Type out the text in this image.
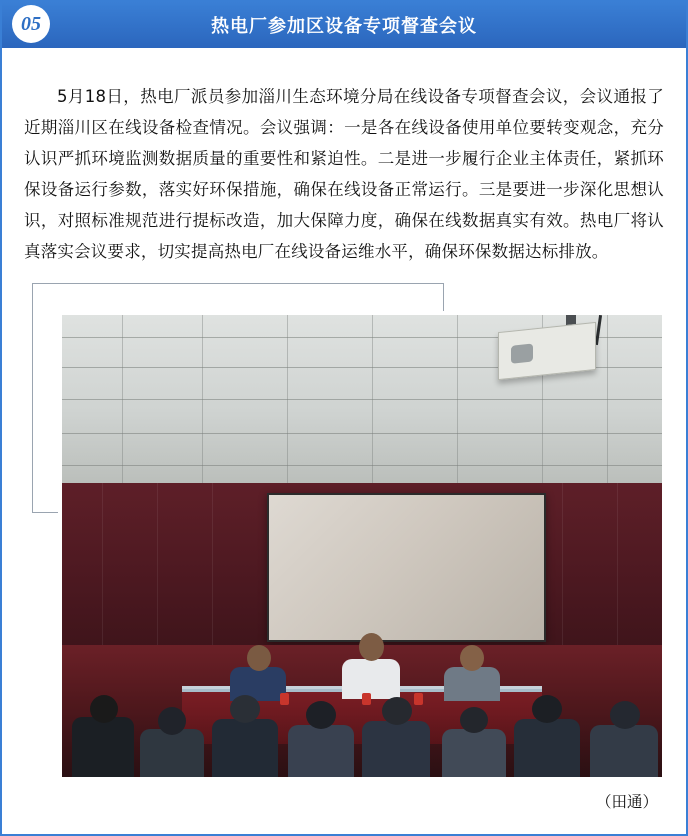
05	热电厂参加区设备专项督查会议

5月18日，热电厂派员参加淄川生态环境分局在线设备专项督查会议，会议通报了近期淄川区在线设备检查情况。会议强调：一是各在线设备使用单位要转变观念，充分认识严抓环境监测数据质量的重要性和紧迫性。二是进一步履行企业主体责任，紧抓环保设备运行参数，落实好环保措施，确保在线设备正常运行。三是要进一步深化思想认识，对照标准规范进行提标改造，加大保障力度，确保在线数据真实有效。热电厂将认真落实会议要求，切实提高热电厂在线设备运维水平，确保环保数据达标排放。

（田通）
